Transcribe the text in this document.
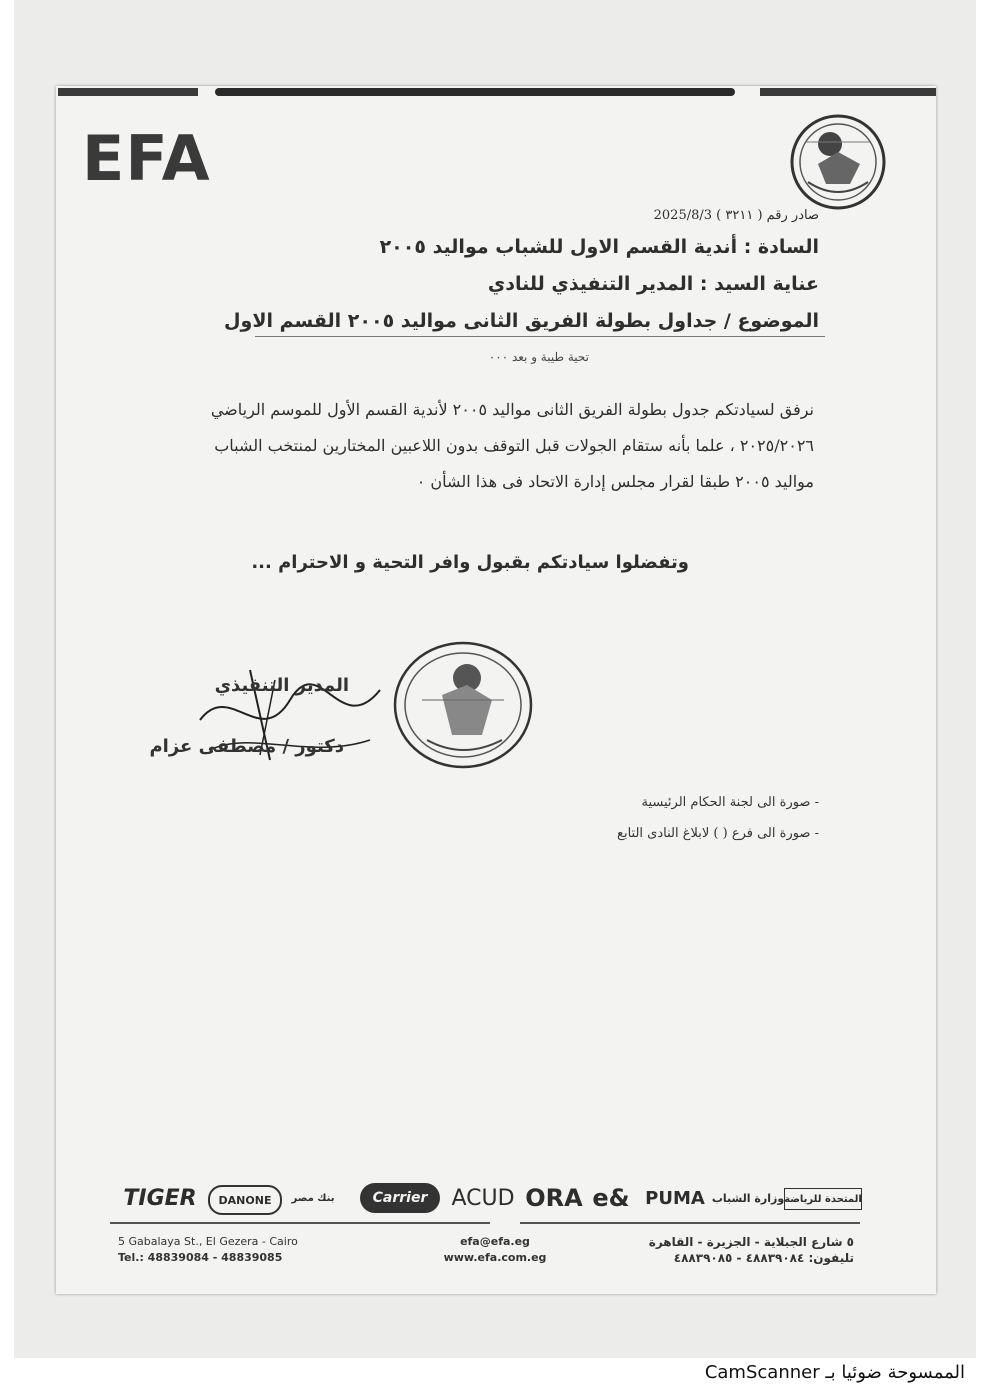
EFA
صادر رقم ( ٣٢١١ ) 2025/8/3
السادة : أندية القسم الاول للشباب مواليد ٢٠٠٥
عناية السيد : المدير التنفيذي للنادي
الموضوع / جداول بطولة الفريق الثانى مواليد ٢٠٠٥ القسم الاول
تحية طيبة و بعد ٠٠٠
نرفق لسيادتكم جدول بطولة الفريق الثانى مواليد ٢٠٠٥ لأندية القسم الأول للموسم الرياضي ٢٠٢٥/٢٠٢٦ ، علما بأنه ستقام الجولات قبل التوقف بدون اللاعبين المختارين لمنتخب الشباب مواليد ٢٠٠٥ طبقا لقرار مجلس إدارة الاتحاد فى هذا الشأن ٠
وتفضلوا سيادتكم بقبول وافر التحية و الاحترام ...
المدير التنفيذي
دكتور / مصطفى عزام
- صورة الى لجنة الحكام الرئيسية
- صورة الى فرع ( ) لابلاغ النادى التابع
TIGER	DANONE	بنك مصر	Carrier	ACUD ORA e& PUMA وزارة الشباب المتحدة للرياضة
5 Gabalaya St., El Gezera - Cairo
Tel.: 48839084 - 48839085
efa@efa.eg
www.efa.com.eg
٥ شارع الجبلاية - الجزيرة - القاهرة
تليفون: ٤٨٨٣٩٠٨٤ - ٤٨٨٣٩٠٨٥
الممسوحة ضوئيا بـ CamScanner
